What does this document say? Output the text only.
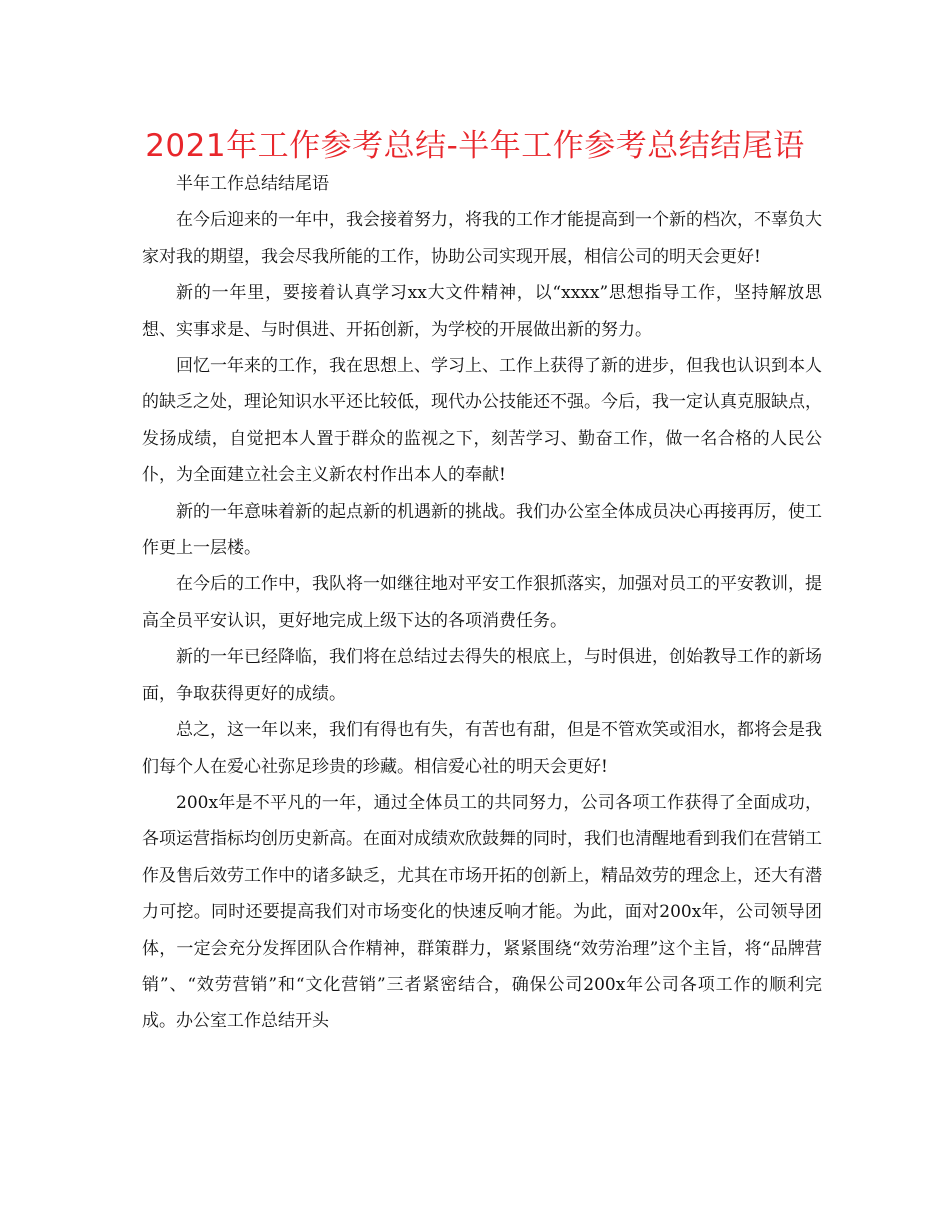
2021年工作参考总结-半年工作参考总结结尾语

半年工作总结结尾语

在今后迎来的一年中，我会接着努力，将我的工作才能提高到一个新的档次，不辜负大家对我的期望，我会尽我所能的工作，协助公司实现开展，相信公司的明天会更好!

新的一年里，要接着认真学习xx大文件精神，以“xxxx”思想指导工作，坚持解放思想、实事求是、与时俱进、开拓创新，为学校的开展做出新的努力。

回忆一年来的工作，我在思想上、学习上、工作上获得了新的进步，但我也认识到本人的缺乏之处，理论知识水平还比较低，现代办公技能还不强。今后，我一定认真克服缺点，发扬成绩，自觉把本人置于群众的监视之下，刻苦学习、勤奋工作，做一名合格的人民公仆，为全面建立社会主义新农村作出本人的奉献!

新的一年意味着新的起点新的机遇新的挑战。我们办公室全体成员决心再接再厉，使工作更上一层楼。

在今后的工作中，我队将一如继往地对平安工作狠抓落实，加强对员工的平安教训，提高全员平安认识，更好地完成上级下达的各项消费任务。

新的一年已经降临，我们将在总结过去得失的根底上，与时俱进，创始教导工作的新场面，争取获得更好的成绩。

总之，这一年以来，我们有得也有失，有苦也有甜，但是不管欢笑或泪水，都将会是我们每个人在爱心社弥足珍贵的珍藏。相信爱心社的明天会更好!

200x年是不平凡的一年，通过全体员工的共同努力，公司各项工作获得了全面成功，各项运营指标均创历史新高。在面对成绩欢欣鼓舞的同时，我们也清醒地看到我们在营销工作及售后效劳工作中的诸多缺乏，尤其在市场开拓的创新上，精品效劳的理念上，还大有潜力可挖。同时还要提高我们对市场变化的快速反响才能。为此，面对200x年，公司领导团体，一定会充分发挥团队合作精神，群策群力，紧紧围绕“效劳治理”这个主旨，将“品牌营销”、“效劳营销”和“文化营销”三者紧密结合，确保公司200x年公司各项工作的顺利完成。办公室工作总结开头
